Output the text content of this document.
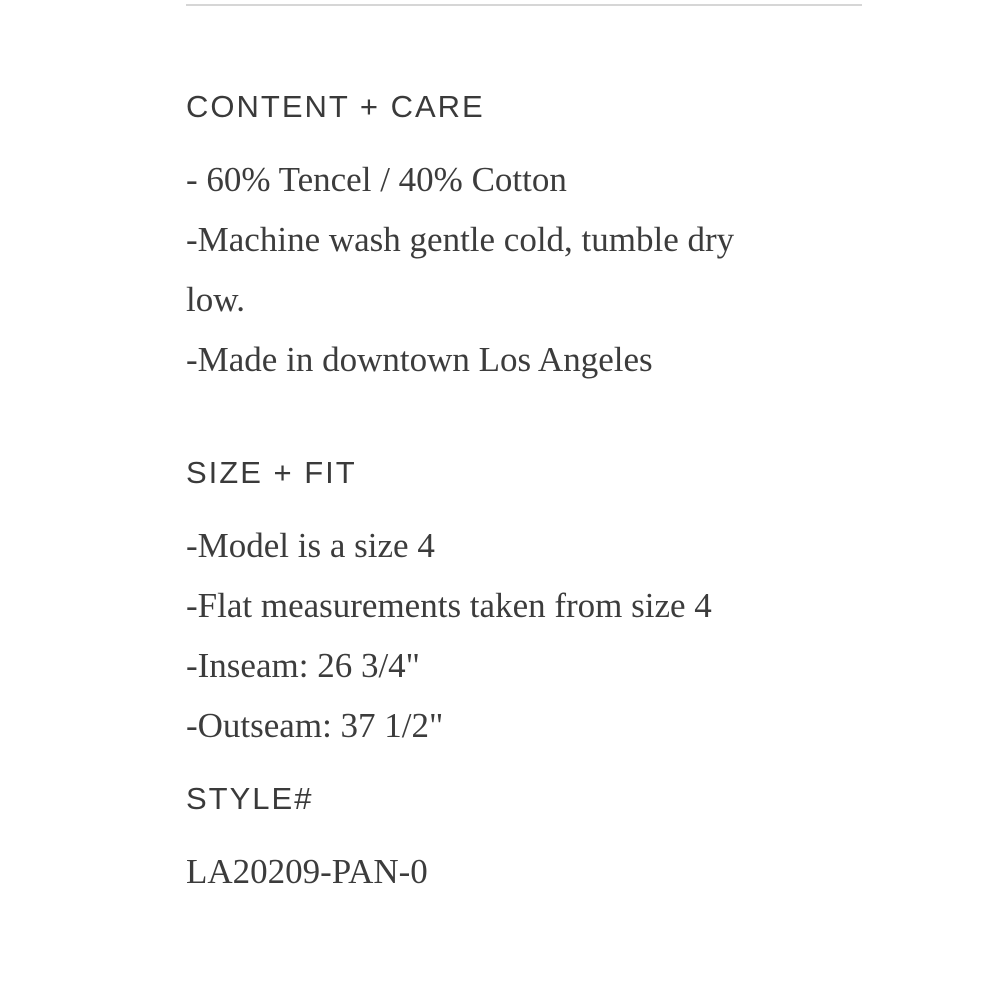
CONTENT + CARE
- 60% Tencel / 40% Cotton
-Machine wash gentle cold, tumble dry
low.
-Made in downtown Los Angeles
SIZE + FIT
-Model is a size 4
-Flat measurements taken from size 4
-Inseam: 26 3/4"
-Outseam: 37 1/2"
STYLE#
LA20209-PAN-0
